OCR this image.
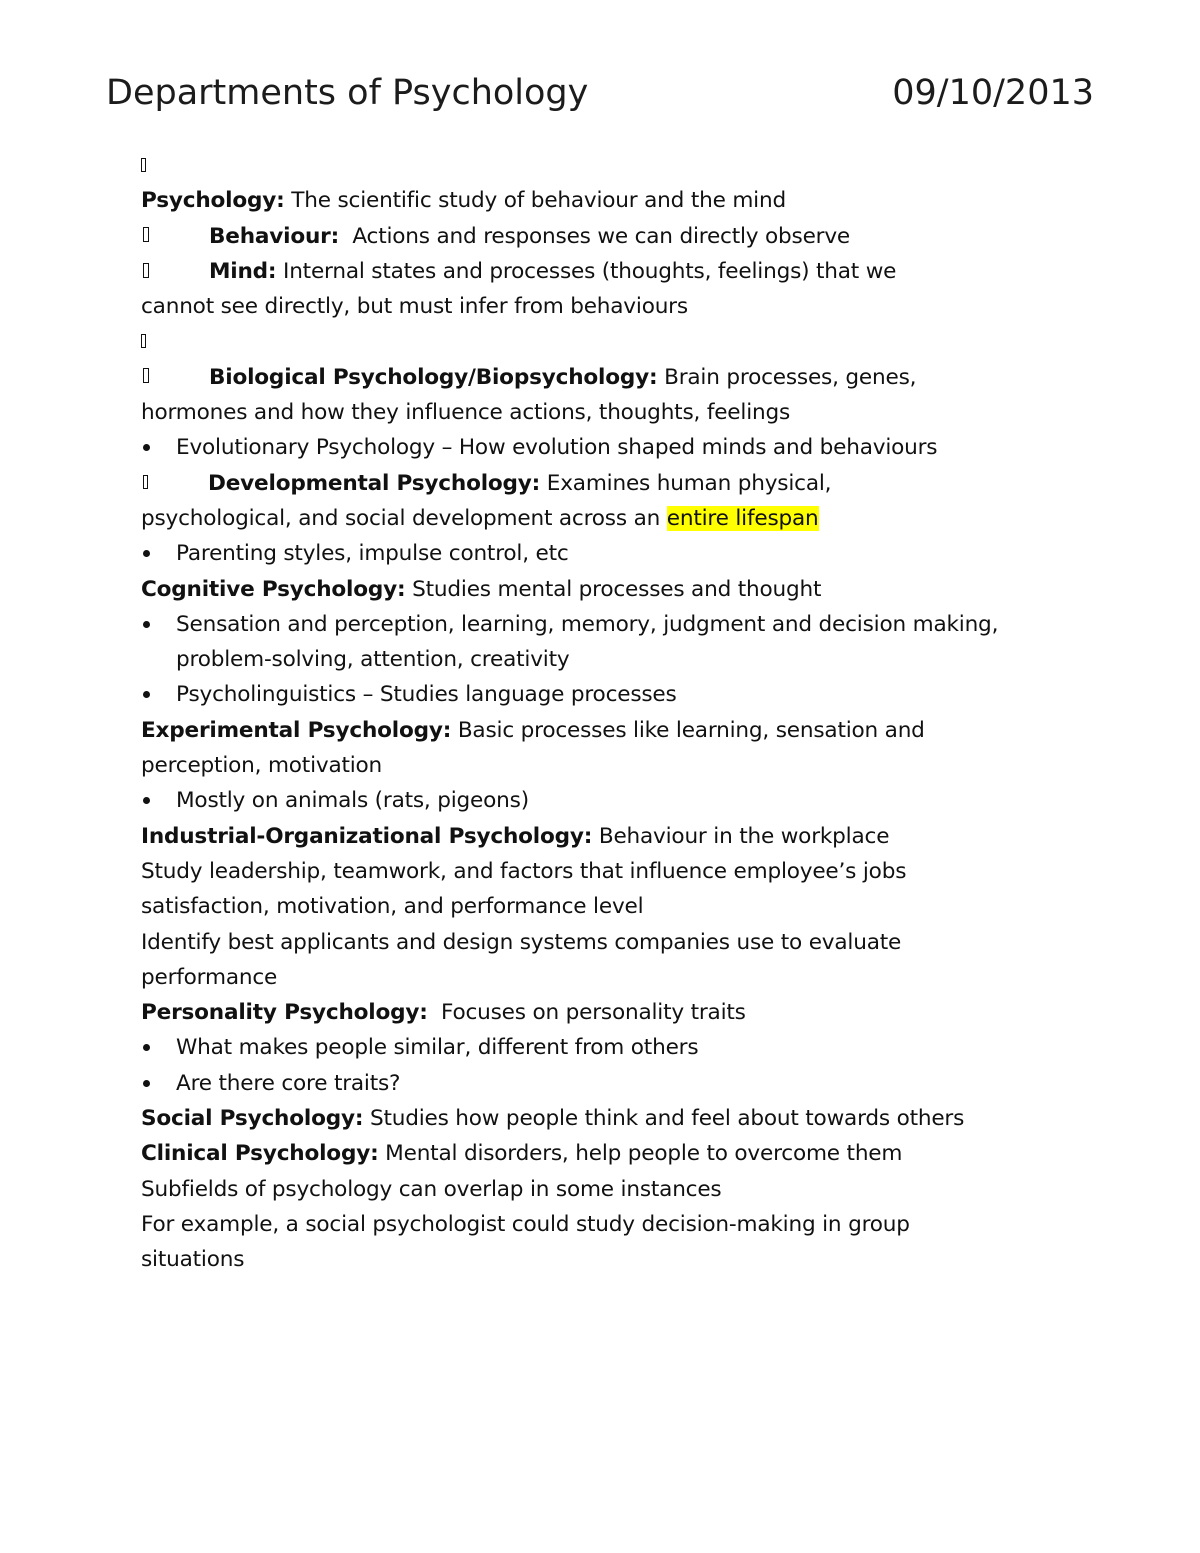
Departments of Psychology	09/10/2013
Psychology: The scientific study of behaviour and the mind
Behaviour:  Actions and responses we can directly observe
Mind: Internal states and processes (thoughts, feelings) that we
cannot see directly, but must infer from behaviours
Biological Psychology/Biopsychology: Brain processes, genes,
hormones and how they influence actions, thoughts, feelings
Evolutionary Psychology – How evolution shaped minds and behaviours
Developmental Psychology: Examines human physical,
psychological, and social development across an entire lifespan
Parenting styles, impulse control, etc
Cognitive Psychology: Studies mental processes and thought
Sensation and perception, learning, memory, judgment and decision making, problem-solving, attention, creativity
Psycholinguistics – Studies language processes
Experimental Psychology: Basic processes like learning, sensation and
perception, motivation
Mostly on animals (rats, pigeons)
Industrial-Organizational Psychology: Behaviour in the workplace
Study leadership, teamwork, and factors that influence employee’s jobs
satisfaction, motivation, and performance level
Identify best applicants and design systems companies use to evaluate
performance
Personality Psychology:  Focuses on personality traits
What makes people similar, different from others
Are there core traits?
Social Psychology: Studies how people think and feel about towards others
Clinical Psychology: Mental disorders, help people to overcome them
Subfields of psychology can overlap in some instances
For example, a social psychologist could study decision-making in group
situations
